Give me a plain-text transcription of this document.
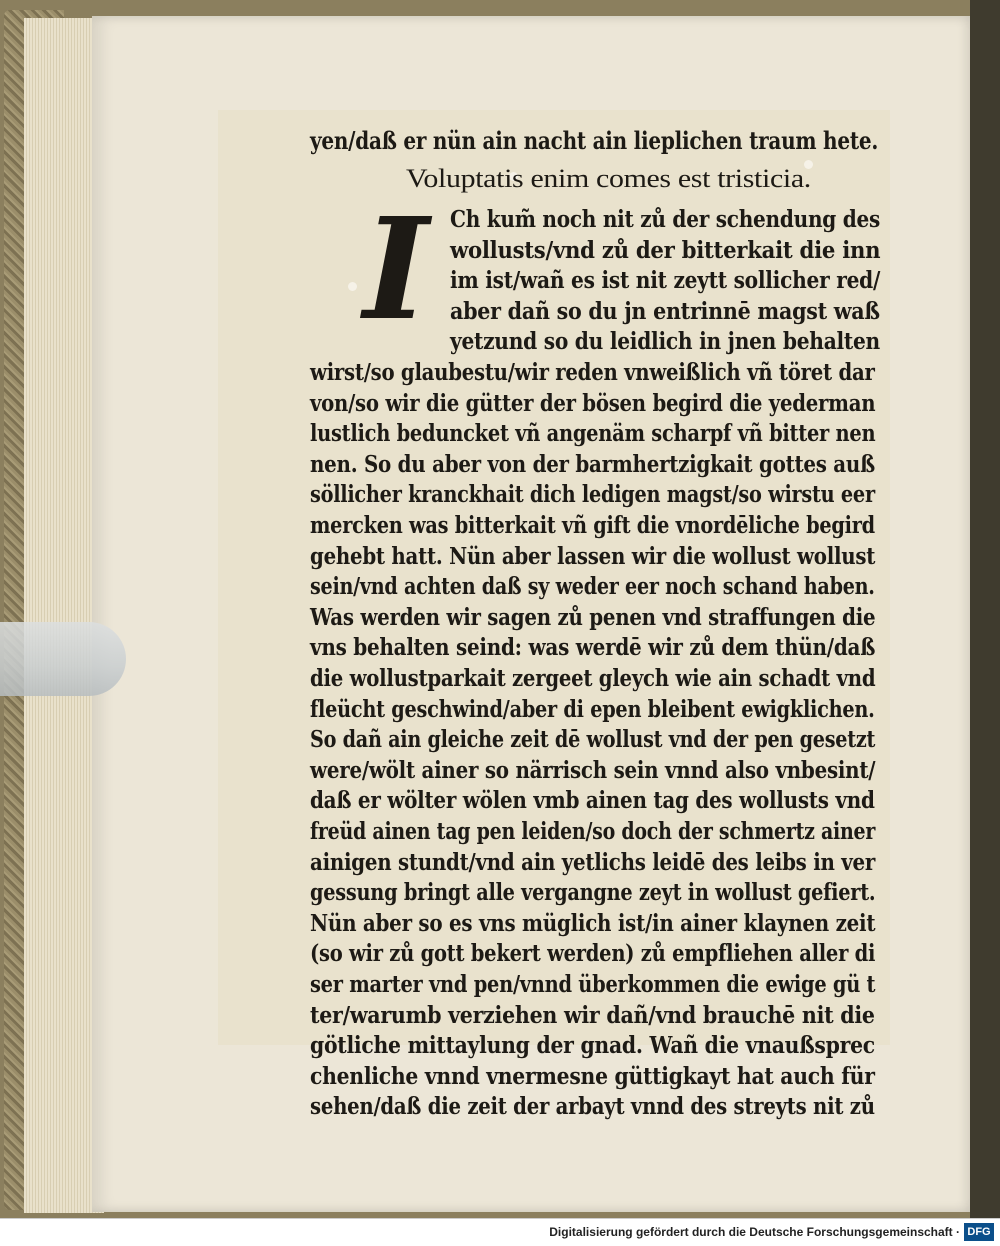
I
yen/daß er nün ain nacht ain lieplichen traum hete.
Voluptatis enim comes est tristicia.
Ch kum̃ noch nit zů der schendung des
wollusts/vnd zů der bitterkait die inn
im ist/wañ es ist nit zeytt sollicher red/
aber dañ so du jn entrinnē magst waß
yetzund so du leidlich in jnen behalten
wirst/so glaubestu/wir reden vnweißlich vñ töret dar
von/so wir die gütter der bösen begird die yederman
lustlich beduncket vñ angenäm scharpf vñ bitter nen
nen. So du aber von der barmhertzigkait gottes auß
söllicher kranckhait dich ledigen magst/so wirstu eer
mercken was bitterkait vñ gift die vnordēliche begird
gehebt hatt. Nün aber lassen wir die wollust wollust
sein/vnd achten daß sy weder eer noch schand haben.
Was werden wir sagen zů penen vnd straffungen die
vns behalten seind: was werdē wir zů dem thün/daß
die wollustparkait zergeet gleych wie ain schadt vnd
fleücht geschwind/aber di epen bleibent ewigklichen.
So dañ ain gleiche zeit dē wollust vnd der pen gesetzt
were/wölt ainer so närrisch sein vnnd also vnbesint/
daß er wölter wölen vmb ainen tag des wollusts vnd
freüd ainen tag pen leiden/so doch der schmertz ainer
ainigen stundt/vnd ain yetlichs leidē des leibs in ver
gessung bringt alle vergangne zeyt in wollust gefiert.
Nün aber so es vns müglich ist/in ainer klaynen zeit
(so wir zů gott bekert werden) zů empfliehen aller di
ser marter vnd pen/vnnd überkommen die ewige gü t
ter/warumb verziehen wir dañ/vnd brauchē nit die
götliche mittaylung der gnad. Wañ die vnaußsprec
chenliche vnnd vnermesne güttigkayt hat auch für
sehen/daß die zeit der arbayt vnnd des streyts nit zů
Digitalisierung gefördert durch die Deutsche Forschungsgemeinschaft · DFG
